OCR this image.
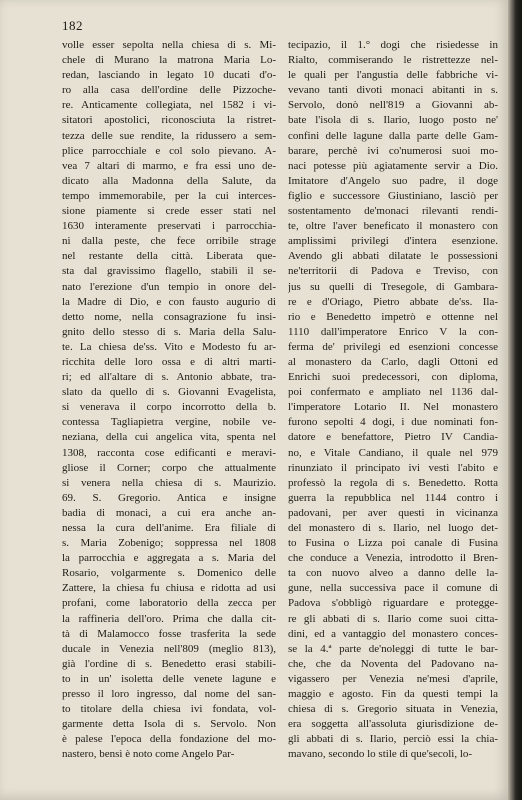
182
volle esser sepolta nella chiesa di s. Mi-
chele di Murano la matrona Maria Lo-
redan, lasciando in legato 10 ducati d'o-
ro alla casa dell'ordine delle Pizzoche-
re. Anticamente collegiata, nel 1582 i vi-
sitatori apostolici, riconosciuta la ristret-
tezza delle sue rendite, la ridussero a sem-
plice parrocchiale e col solo pievano. A-
vea 7 altari di marmo, e fra essi uno de-
dicato alla Madonna della Salute, da
tempo immemorabile, per la cui interces-
sione piamente si crede esser stati nel
1630 interamente preservati i parrocchia-
ni dalla peste, che fece orribile strage
nel restante della città. Liberata que-
sta dal gravissimo flagello, stabilì il se-
nato l'erezione d'un tempio in onore del-
la Madre di Dio, e con fausto augurio di
detto nome, nella consagrazione fu insi-
gnito dello stesso di s. Maria della Salu-
te. La chiesa de'ss. Vito e Modesto fu ar-
ricchita delle loro ossa e di altri marti-
ri; ed all'altare di s. Antonio abbate, tra-
slato da quello di s. Giovanni Evagelista,
si venerava il corpo incorrotto della b.
contessa Tagliapietra vergine, nobile ve-
neziana, della cui angelica vita, spenta nel
1308, racconta cose edificanti e meravi-
gliose il Corner; corpo che attualmente
si venera nella chiesa di s. Maurizio.
69. S. Gregorio. Antica e insigne
badia di monaci, a cui era anche an-
nessa la cura dell'anime. Era filiale di
s. Maria Zobenigo; soppressa nel 1808
la parrocchia e aggregata a s. Maria del
Rosario, volgarmente s. Domenico delle
Zattere, la chiesa fu chiusa e ridotta ad usi
profani, come laboratorio della zecca per
la raffineria dell'oro. Prima che dalla cit-
tà di Malamocco fosse trasferita la sede
ducale in Venezia nell'809 (meglio 813),
già l'ordine di s. Benedetto erasi stabili-
to in un' isoletta delle venete lagune e
presso il loro ingresso, dal nome del san-
to titolare della chiesa ivi fondata, vol-
garmente detta Isola di s. Servolo. Non
è palese l'epoca della fondazione del mo-
nastero, bensì è noto come Angelo Par-
tecipazio, il 1.° dogi che risiedesse in
Rialto, commiserando le ristrettezze nel-
le quali per l'angustia delle fabbriche vi-
vevano tanti divoti monaci abitanti in s.
Servolo, donò nell'819 a Giovanni ab-
bate l'isola di s. Ilario, luogo posto ne'
confini delle lagune dalla parte delle Gam-
barare, perchè ivi co'numerosi suoi mo-
naci potesse più agiatamente servir a Dio.
Imitatore d'Angelo suo padre, il doge
figlio e successore Giustiniano, lasciò per
sostentamento de'monaci rilevanti rendi-
te, oltre l'aver beneficato il monastero con
amplissimi privilegi d'intera esenzione.
Avendo gli abbati dilatate le possessioni
ne'territorii di Padova e Treviso, con
jus su quelli di Tresegole, di Gambara-
re e d'Oriago, Pietro abbate de'ss. Ila-
rio e Benedetto impetrò e ottenne nel
1110 dall'imperatore Enrico V la con-
ferma de' privilegi ed esenzioni concesse
al monastero da Carlo, dagli Ottoni ed
Enrichi suoi predecessori, con diploma,
poi confermato e ampliato nel 1136 dal-
l'imperatore Lotario II. Nel monastero
furono sepolti 4 dogi, i due nominati fon-
datore e benefattore, Pietro IV Candia-
no, e Vitale Candiano, il quale nel 979
rinunziato il principato ivi vestì l'abito e
professò la regola di s. Benedetto. Rotta
guerra la repubblica nel 1144 contro i
padovani, per aver questi in vicinanza
del monastero di s. Ilario, nel luogo det-
to Fusina o Lizza poi canale di Fusina
che conduce a Venezia, introdotto il Bren-
ta con nuovo alveo a danno delle la-
gune, nella successiva pace il comune di
Padova s'obbligò riguardare e protegge-
re gli abbati di s. Ilario come suoi citta-
dini, ed a vantaggio del monastero conces-
se la 4.ª parte de'noleggi di tutte le bar-
che, che da Noventa del Padovano na-
vigassero per Venezia ne'mesi d'aprile,
maggio e agosto. Fin da questi tempi la
chiesa di s. Gregorio situata in Venezia,
era soggetta all'assoluta giurisdizione de-
gli abbati di s. Ilario, perciò essi la chia-
mavano, secondo lo stile di que'secoli, lo-
